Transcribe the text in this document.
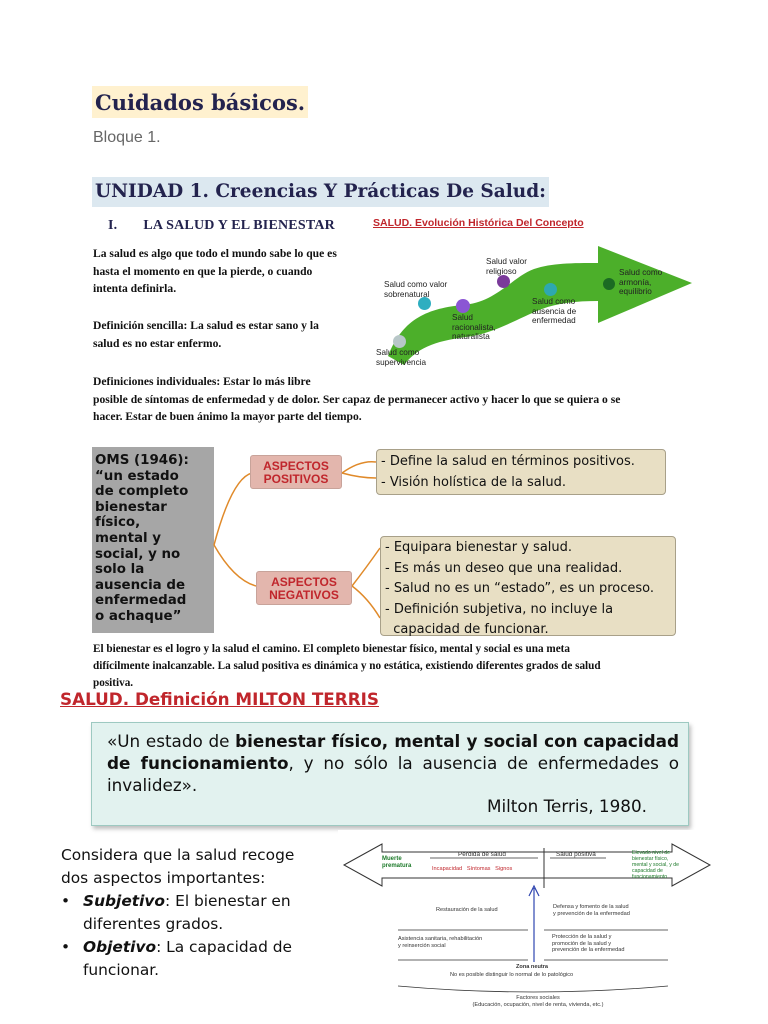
Cuidados básicos.
Bloque 1.
UNIDAD 1. Creencias Y Prácticas De Salud:
I. LA SALUD Y EL BIENESTAR
La salud es algo que todo el mundo sabe lo que es
hasta el momento en que la pierde, o cuando
intenta definirla.
Definición sencilla: La salud es estar sano y la
salud es no estar enfermo.
Definiciones individuales: Estar lo más libre
posible de síntomas de enfermedad y de dolor. Ser capaz de permanecer activo y hacer lo que se quiera o se
hacer. Estar de buen ánimo la mayor parte del tiempo.
SALUD. Evolución Histórica Del Concepto
Salud como
supervivencia
Salud como valor
sobrenatural
Salud
racionalista,
naturalista
Salud valor
religioso
Salud como
ausencia de
enfermedad
Salud como
armonía,
equilibrio
OMS (1946):
“un estado
de completo
bienestar
físico,
mental y
social, y no
solo la
ausencia de
enfermedad
o achaque”
ASPECTOS
POSITIVOS
ASPECTOS
NEGATIVOS
- Define la salud en términos positivos.
- Visión holística de la salud.
- Equipara bienestar y salud.
- Es más un deseo que una realidad.
- Salud no es un “estado”, es un proceso.
- Definición subjetiva, no incluye la
capacidad de funcionar.
El bienestar es el logro y la salud el camino. El completo bienestar físico, mental y social es una meta
difícilmente inalcanzable. La salud positiva es dinámica y no estática, existiendo diferentes grados de salud
positiva.
SALUD. Definición MILTON TERRIS
«Un estado de bienestar físico, mental y social con capacidad de funcionamiento, y no sólo la ausencia de enfermedades o invalidez».
Milton Terris, 1980.
Considera que la salud recoge
dos aspectos importantes:
• Subjetivo: El bienestar en diferentes grados.
• Objetivo: La capacidad de funcionar.
Muerte
prematura
Pérdida de salud	Salud positiva	Elevado nivel de
bienestar físico,
mental y social, y de
capacidad de
funcionamiento
Incapacidad Síntomas Signos
Restauración de la salud	Defensa y fomento de la salud
y prevención de la enfermedad
Asistencia sanitaria, rehabilitación
y reinserción social
Protección de la salud y
promoción de la salud y
prevención de la enfermedad
Zona neutra
No es posible distinguir lo normal de lo patológico
Factores sociales
(Educación, ocupación, nivel de renta, vivienda, etc.)
